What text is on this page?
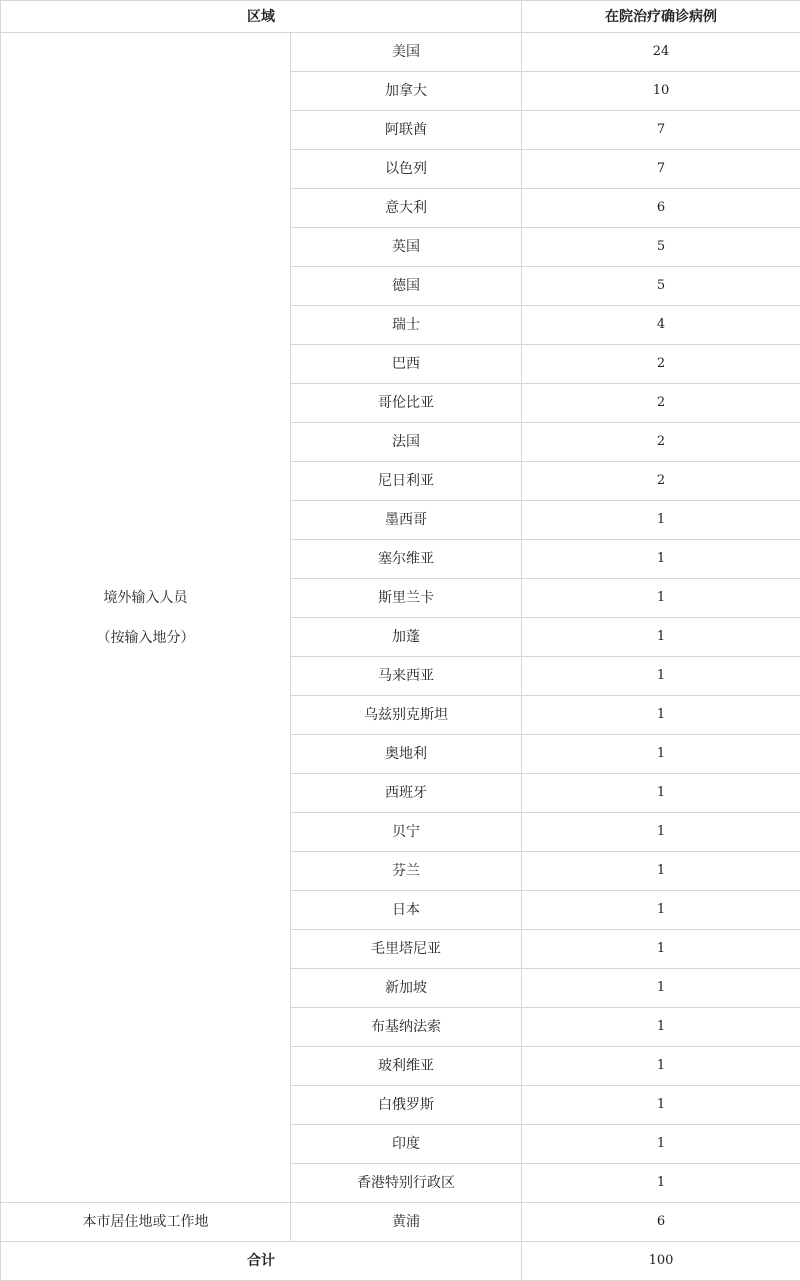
区域		在院治疗确诊病例

境外输入人员
（按输入地分）	美国	24
	加拿大	10
	阿联酋	7
	以色列	7
	意大利	6
	英国	5
	德国	5
	瑞士	4
	巴西	2
	哥伦比亚	2
	法国	2
	尼日利亚	2
	墨西哥	1
	塞尔维亚	1
	斯里兰卡	1
	加蓬	1
	马来西亚	1
	乌兹别克斯坦	1
	奥地利	1
	西班牙	1
	贝宁	1
	芬兰	1
	日本	1
	毛里塔尼亚	1
	新加坡	1
	布基纳法索	1
	玻利维亚	1
	白俄罗斯	1
	印度	1
	香港特别行政区	1
本市居住地或工作地	黄浦	6
合计		100
